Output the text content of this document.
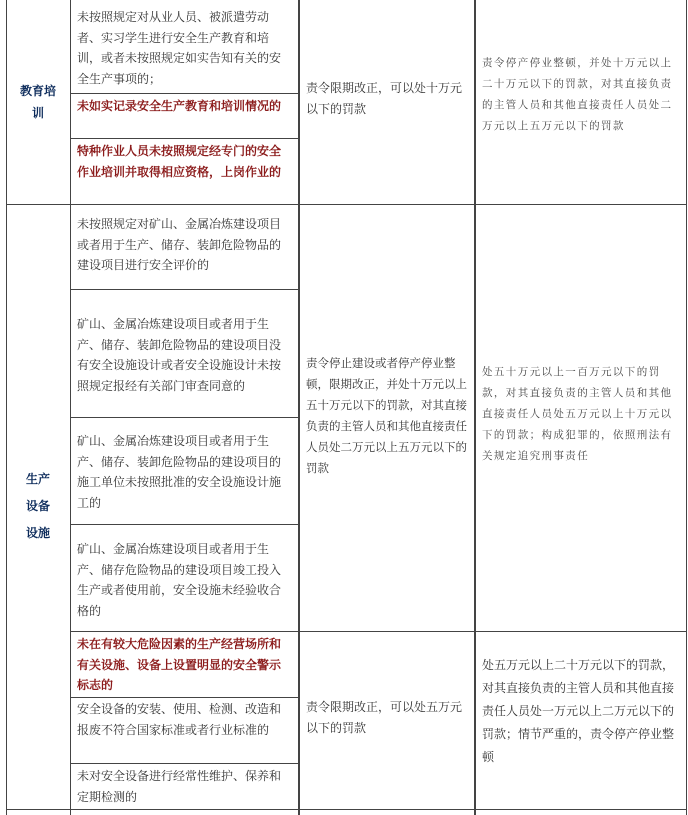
教育培训
未按照规定对从业人员、被派遣劳动者、实习学生进行安全生产教育和培训，或者未按照规定如实告知有关的安全生产事项的；
未如实记录安全生产教育和培训情况的
特种作业人员未按照规定经专门的安全作业培训并取得相应资格，上岗作业的
责令限期改正，可以处十万元以下的罚款
责令停产停业整顿，并处十万元以上二十万元以下的罚款，对其直接负责的主管人员和其他直接责任人员处二万元以上五万元以下的罚款
生产设备设施
未按照规定对矿山、金属冶炼建设项目或者用于生产、储存、装卸危险物品的建设项目进行安全评价的
矿山、金属冶炼建设项目或者用于生产、储存、装卸危险物品的建设项目没有安全设施设计或者安全设施设计未按照规定报经有关部门审查同意的
矿山、金属冶炼建设项目或者用于生产、储存、装卸危险物品的建设项目的施工单位未按照批准的安全设施设计施工的
矿山、金属冶炼建设项目或者用于生产、储存危险物品的建设项目竣工投入生产或者使用前，安全设施未经验收合格的
责令停止建设或者停产停业整顿，限期改正，并处十万元以上五十万元以下的罚款，对其直接负责的主管人员和其他直接责任人员处二万元以上五万元以下的罚款
处五十万元以上一百万元以下的罚款，对其直接负责的主管人员和其他直接责任人员处五万元以上十万元以下的罚款；构成犯罪的，依照刑法有关规定追究刑事责任
未在有较大危险因素的生产经营场所和有关设施、设备上设置明显的安全警示标志的
安全设备的安装、使用、检测、改造和报废不符合国家标准或者行业标准的
未对安全设备进行经常性维护、保养和定期检测的
责令限期改正，可以处五万元以下的罚款
处五万元以上二十万元以下的罚款，对其直接负责的主管人员和其他直接责任人员处一万元以上二万元以下的罚款；情节严重的，责令停产停业整顿
